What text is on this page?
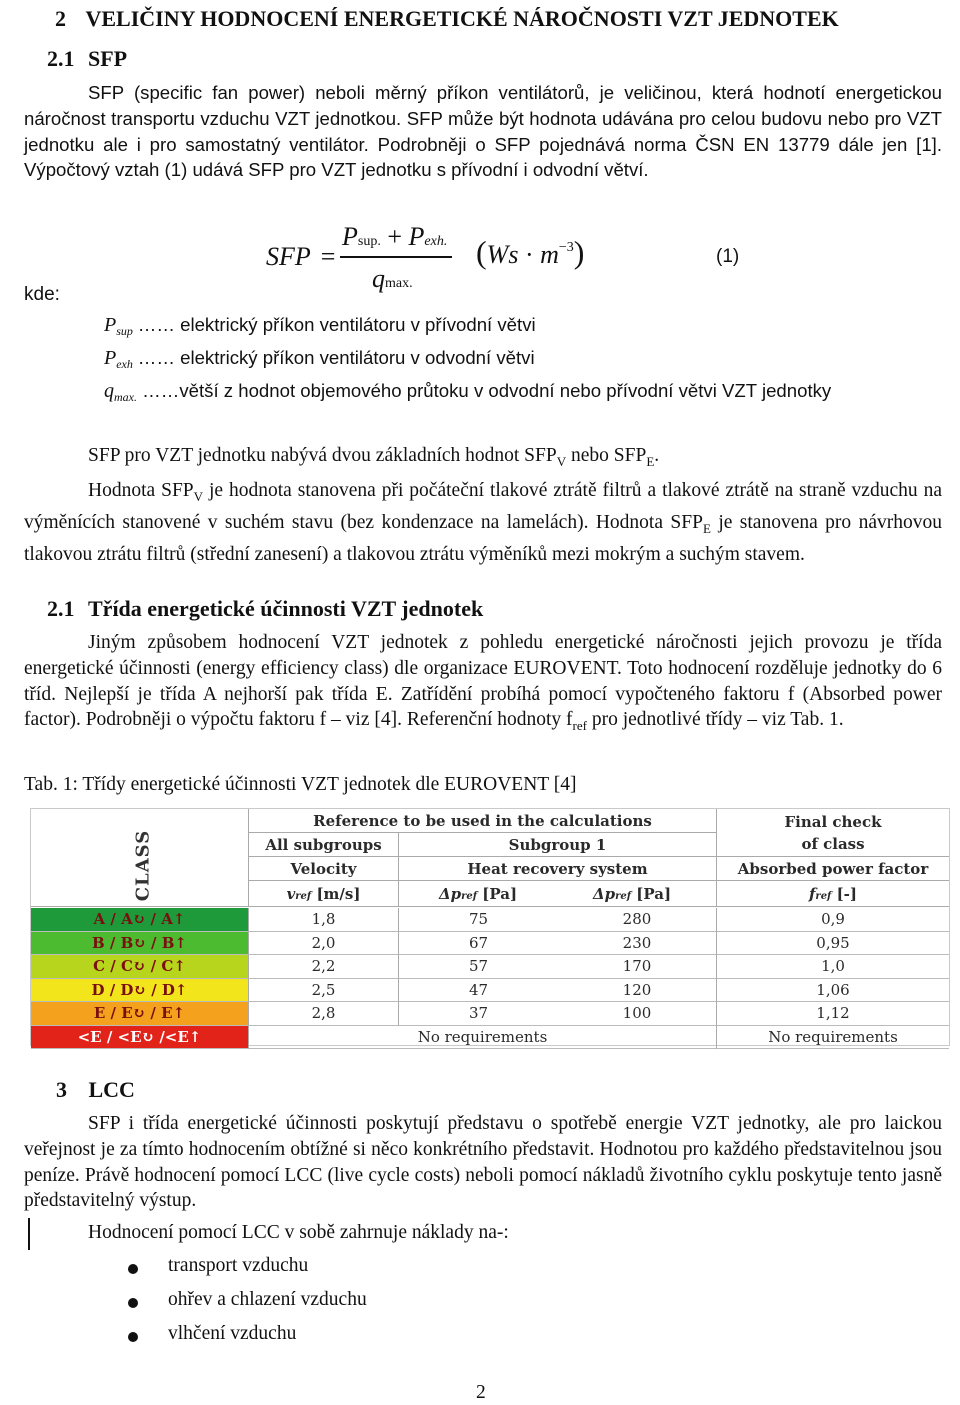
2 VELIČINY HODNOCENÍ ENERGETICKÉ NÁROČNOSTI VZT JEDNOTEK
2.1 SFP
SFP (specific fan power) neboli měrný příkon ventilátorů, je veličinou, která hodnotí energetickou náročnost transportu vzduchu VZT jednotkou. SFP může být hodnota udávána pro celou budovu nebo pro VZT jednotku ale i pro samostatný ventilátor. Podrobněji o SFP pojednává norma ČSN EN 13779 dále jen [1]. Výpočtový vztah (1) udává SFP pro VZT jednotku s přívodní i odvodní větví.
SFP =
Psup. + Pexh.
qmax.
$(Ws \cdot m^{-3})$	(1)
kde:
$P_{sup}$ …… elektrický příkon ventilátoru v přívodní větvi
$P_{exh}$ …… elektrický příkon ventilátoru v odvodní větvi
$q_{max.}$ ……větší z hodnot objemového průtoku v odvodní nebo přívodní větvi VZT jednotky
SFP pro VZT jednotku nabývá dvou základních hodnot $SFP_V$ nebo $SFP_E$.
Hodnota $SFP_V$ je hodnota stanovena při počáteční tlakové ztrátě filtrů a tlakové ztrátě na straně vzduchu na výměnících stanovené v suchém stavu (bez kondenzace na lamelách). Hodnota $SFP_E$ je stanovena pro návrhovou tlakovou ztrátu filtrů (střední zanesení) a tlakovou ztrátu výměníků mezi mokrým a suchým stavem.
2.1 Třída energetické účinnosti VZT jednotek
Jiným způsobem hodnocení VZT jednotek z pohledu energetické náročnosti jejich provozu je třída energetické účinnosti (energy efficiency class) dle organizace EUROVENT. Toto hodnocení rozděluje jednotky do 6 tříd. Nejlepší je třída A nejhorší pak třída E. Zatřídění probíhá pomocí vypočteného faktoru f (Absorbed power factor). Podrobněji o výpočtu faktoru f – viz [4]. Referenční hodnoty $f_{ref}$ pro jednotlivé třídy – viz Tab. 1.
Tab. 1: Třídy energetické účinnosti VZT jednotek dle EUROVENT [4]
CLASS
Reference to be used in the calculations	Final check
of class
All subgroups	Subgroup 1
Velocity	Heat recovery system	Absorbed power factor
vref [m/s]	Δpref [Pa]	Δpref [Pa]	fref [-]
A / A↻ / A↑	1,8	75	280	0,9
B / B↻ / B↑	2,0	67	230	0,95
C / C↻ / C↑	2,2	57	170	1,0
D / D↻ / D↑	2,5	47	120	1,06
E / E↻ / E↑	2,8	37	100	1,12
<E / <E↻ /<E↑	No requirements	No requirements
3 LCC
SFP i třída energetické účinnosti poskytují představu o spotřebě energie VZT jednotky, ale pro laickou veřejnost je za tímto hodnocením obtížné si něco konkrétního představit. Hodnotou pro každého představitelnou jsou peníze. Právě hodnocení pomocí LCC (live cycle costs) neboli pomocí nákladů životního cyklu poskytuje tento jasně představitelný výstup.
Hodnocení pomocí LCC v sobě zahrnuje náklady na-:
transport vzduchu
ohřev a chlazení vzduchu
vlhčení vzduchu
2
